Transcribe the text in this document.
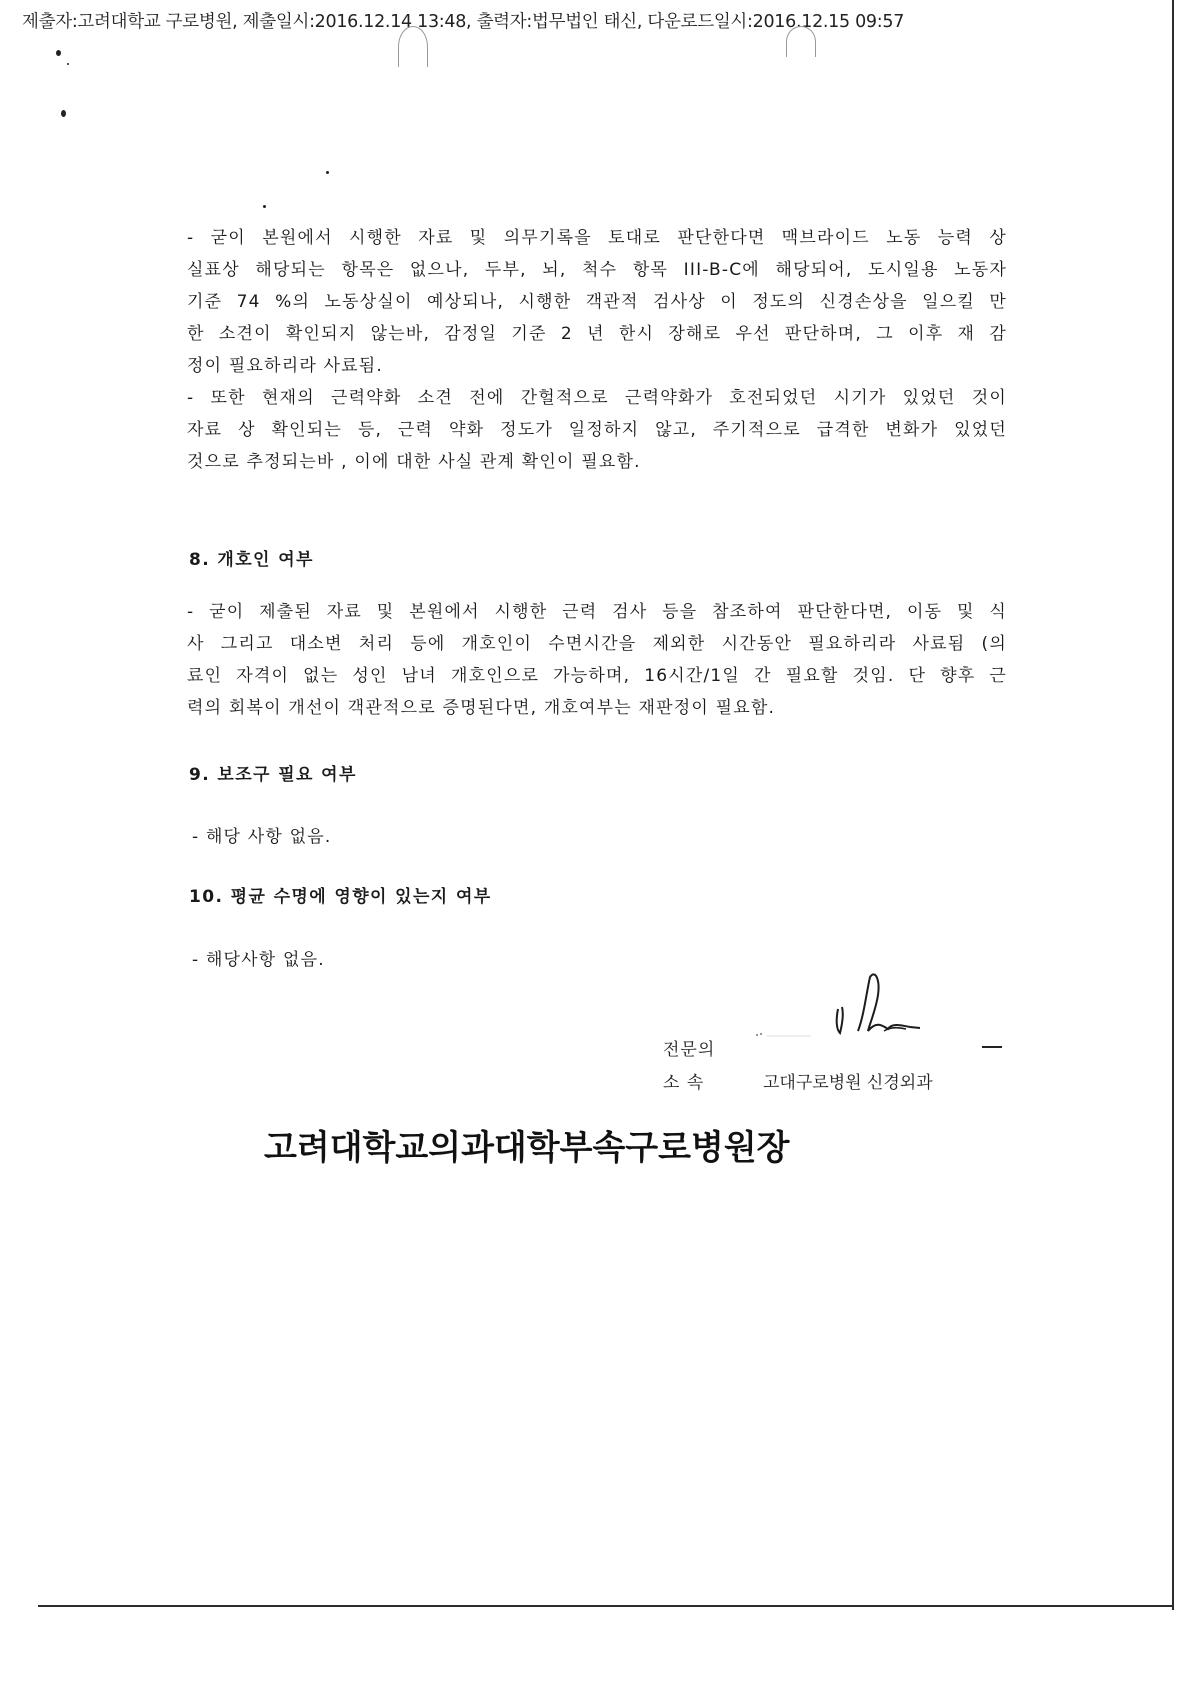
제출자:고려대학교 구로병원, 제출일시:2016.12.14 13:48, 출력자:법무법인 태신, 다운로드일시:2016.12.15 09:57
- 굳이 본원에서 시행한 자료 및 의무기록을 토대로 판단한다면 맥브라이드 노동 능력 상
실표상 해당되는 항목은 없으나, 두부, 뇌, 척수 항목 III-B-C에 해당되어, 도시일용 노동자
기준 74 %의 노동상실이 예상되나, 시행한 객관적 검사상 이 정도의 신경손상을 일으킬 만
한 소견이 확인되지 않는바, 감정일 기준 2 년 한시 장해로 우선 판단하며, 그 이후 재 감
정이 필요하리라 사료됨.
- 또한 현재의 근력약화 소견 전에 간헐적으로 근력약화가 호전되었던 시기가 있었던 것이
자료 상 확인되는 등, 근력 약화 정도가 일정하지 않고, 주기적으로 급격한 변화가 있었던
것으로 추정되는바 , 이에 대한 사실 관계 확인이 필요함.
8. 개호인 여부
- 굳이 제출된 자료 및 본원에서 시행한 근력 검사 등을 참조하여 판단한다면, 이동 및 식
사 그리고 대소변 처리 등에 개호인이 수면시간을 제외한 시간동안 필요하리라 사료됨 (의
료인 자격이 없는 성인 남녀 개호인으로 가능하며, 16시간/1일 간 필요할 것임. 단 향후 근
력의 회복이 개선이 객관적으로 증명된다면, 개호여부는 재판정이 필요함.
9. 보조구 필요 여부
- 해당 사항 없음.
10. 평균 수명에 영향이 있는지 여부
- 해당사항 없음.
전문의
소 속	고대구로병원 신경외과
고려대학교의과대학부속구로병원장
